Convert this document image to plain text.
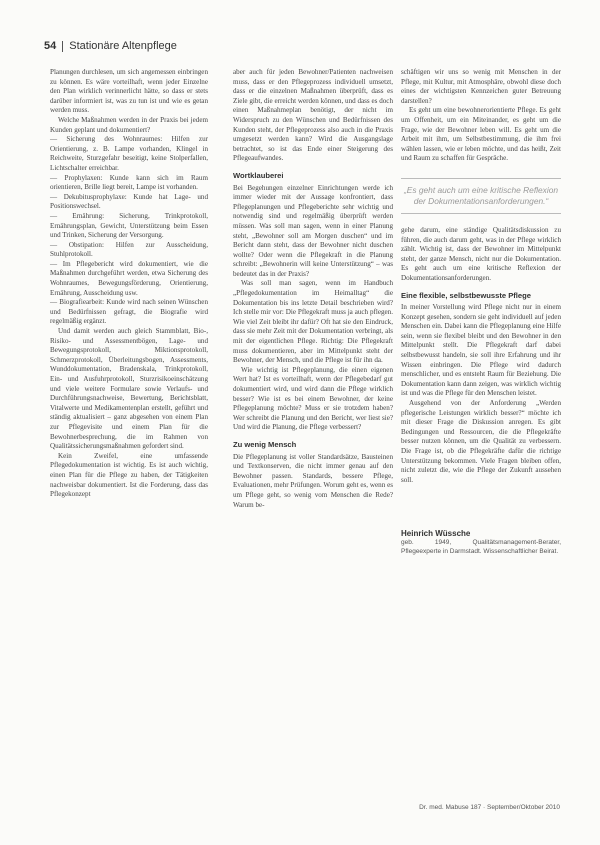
54 Stationäre Altenpflege

Planungen durchlesen, um sich angemessen einbringen zu können. Es wäre vorteilhaft, wenn jeder Einzelne den Plan wirklich verinnerlicht hätte, so dass er stets darüber informiert ist, was zu tun ist und wie es getan werden muss.

Welche Maßnahmen werden in der Praxis bei jedem Kunden geplant und dokumentiert?

— Sicherung des Wohnraumes: Hilfen zur Orientierung, z. B. Lampe vorhanden, Klingel in Reichweite, Sturzgefahr beseitigt, keine Stolperfallen, Lichtschalter erreichbar.

— Prophylaxen: Kunde kann sich im Raum orientieren, Brille liegt bereit, Lampe ist vorhanden.

— Dekubitusprophylaxe: Kunde hat Lage- und Positionswechsel.

— Ernährung: Sicherung, Trinkprotokoll, Ernährungsplan, Gewicht, Unterstützung beim Essen und Trinken, Sicherung der Versorgung.

— Obstipation: Hilfen zur Ausscheidung, Stuhlprotokoll.

— Im Pflegebericht wird dokumentiert, wie die Maßnahmen durchgeführt werden, etwa Sicherung des Wohnraumes, Bewegungsförderung, Orientierung, Ernährung, Ausscheidung usw.

— Biografiearbeit: Kunde wird nach seinen Wünschen und Bedürfnissen gefragt, die Biografie wird regelmäßig ergänzt.

Und damit werden auch gleich Stammblatt, Bio-, Risiko- und Assessmentbögen, Lage- und Bewegungsprotokoll, Miktionsprotokoll, Schmerzprotokoll, Überleitungsbogen, Assessments, Wunddokumentation, Bradenskala, Trinkprotokoll, Ein- und Ausfuhrprotokoll, Sturzrisikoeinschätzung und viele weitere Formulare sowie Verlaufs- und Durchführungsnachweise, Bewertung, Berichtsblatt, Vitalwerte und Medikamentenplan erstellt, geführt und ständig aktualisiert – ganz abgesehen von einem Plan zur Pflegevisite und einem Plan für die Bewohnerbesprechung, die im Rahmen von Qualitätssicherungsmaßnahmen gefordert sind.

Kein Zweifel, eine umfassende Pflegedokumentation ist wichtig. Es ist auch wichtig, einen Plan für die Pflege zu haben, der Tätigkeiten nachweisbar dokumentiert. Ist die Forderung, dass das Pflegekonzept

aber auch für jeden Bewohner/Patienten nachweisen muss, dass er den Pflegeprozess individuell umsetzt, dass er die einzelnen Maßnahmen überprüft, dass es Ziele gibt, die erreicht werden können, und dass es doch einen Maßnahmeplan benötigt, der nicht im Widerspruch zu den Wünschen und Bedürfnissen des Kunden steht, der Pflegeprozess also auch in die Praxis umgesetzt werden kann? Wird die Ausgangslage betrachtet, so ist das Ende einer Steigerung des Pflegeaufwandes.

Wortklauberei

Bei Begehungen einzelner Einrichtungen werde ich immer wieder mit der Aussage konfrontiert, dass Pflegeplanungen und Pflegeberichte sehr wichtig und notwendig sind und regelmäßig überprüft werden müssen. Was soll man sagen, wenn in einer Planung steht, „Bewohner soll am Morgen duschen“ und im Bericht dann steht, dass der Bewohner nicht duschen wollte? Oder wenn die Pflegekraft in die Planung schreibt: „Bewohnerin will keine Unterstützung“ – was bedeutet das in der Praxis?

Was soll man sagen, wenn im Handbuch „Pflegedokumentation im Heimalltag“ die Dokumentation bis ins letzte Detail beschrieben wird? Ich stelle mir vor: Die Pflegekraft muss ja auch pflegen. Wie viel Zeit bleibt ihr dafür? Oft hat sie den Eindruck, dass sie mehr Zeit mit der Dokumentation verbringt, als mit der eigentlichen Pflege. Richtig: Die Pflegekraft muss dokumentieren, aber im Mittelpunkt steht der Bewohner, der Mensch, und die Pflege ist für ihn da.

Wie wichtig ist Pflegeplanung, die einen eigenen Wert hat? Ist es vorteilhaft, wenn der Pflegebedarf gut dokumentiert wird, und wird dann die Pflege wirklich besser? Wie ist es bei einem Bewohner, der keine Pflegeplanung möchte? Muss er sie trotzdem haben? Wer schreibt die Planung und den Bericht, wer liest sie? Und wird die Planung, die Pflege verbessert?

Zu wenig Mensch

Die Pflegeplanung ist voller Standardsätze, Bausteinen und Textkonserven, die nicht immer genau auf den Bewohner passen. Standards, bessere Pflege, Evaluationen, mehr Prüfungen. Worum geht es, wenn es um Pflege geht, so wenig vom Menschen die Rede? Warum be-

schäftigen wir uns so wenig mit Menschen in der Pflege, mit Kultur, mit Atmosphäre, obwohl diese doch eines der wichtigsten Kennzeichen guter Betreuung darstellen?

Es geht um eine bewohnerorientierte Pflege. Es geht um Offenheit, um ein Miteinander, es geht um die Frage, wie der Bewohner leben will. Es geht um die Arbeit mit ihm, um Selbstbestimmung, die ihm frei wählen lassen, wie er leben möchte, und das heißt, Zeit und Raum zu schaffen für Gespräche.

„Es geht auch um eine kritische Reflexion der Dokumentationsanforderungen.“

gehe darum, eine ständige Qualitätsdiskussion zu führen, die auch darum geht, was in der Pflege wirklich zählt. Wichtig ist, dass der Bewohner im Mittelpunkt steht, der ganze Mensch, nicht nur die Dokumentation. Es geht auch um eine kritische Reflexion der Dokumentationsanforderungen.

Eine flexible, selbstbewusste Pflege

In meiner Vorstellung wird Pflege nicht nur in einem Konzept gesehen, sondern sie geht individuell auf jeden Menschen ein. Dabei kann die Pflegeplanung eine Hilfe sein, wenn sie flexibel bleibt und den Bewohner in den Mittelpunkt stellt. Die Pflegekraft darf dabei selbstbewusst handeln, sie soll ihre Erfahrung und ihr Wissen einbringen. Die Pflege wird dadurch menschlicher, und es entsteht Raum für Beziehung. Die Dokumentation kann dann zeigen, was wirklich wichtig ist und was die Pflege für den Menschen leistet.

Ausgehend von der Anforderung „Werden pflegerische Leistungen wirklich besser?“ möchte ich mit dieser Frage die Diskussion anregen. Es gibt Bedingungen und Ressourcen, die die Pflegekräfte besser nutzen können, um die Qualität zu verbessern. Die Frage ist, ob die Pflegekräfte dafür die richtige Unterstützung bekommen. Viele Fragen bleiben offen, nicht zuletzt die, wie die Pflege der Zukunft aussehen soll.

Heinrich Wüssche
geb. 1949, Qualitätsmanagement-Berater, Pflegeexperte in Darmstadt. Wissenschaftlicher Beirat.
Dr. med. Mabuse 187 · September/Oktober 2010
